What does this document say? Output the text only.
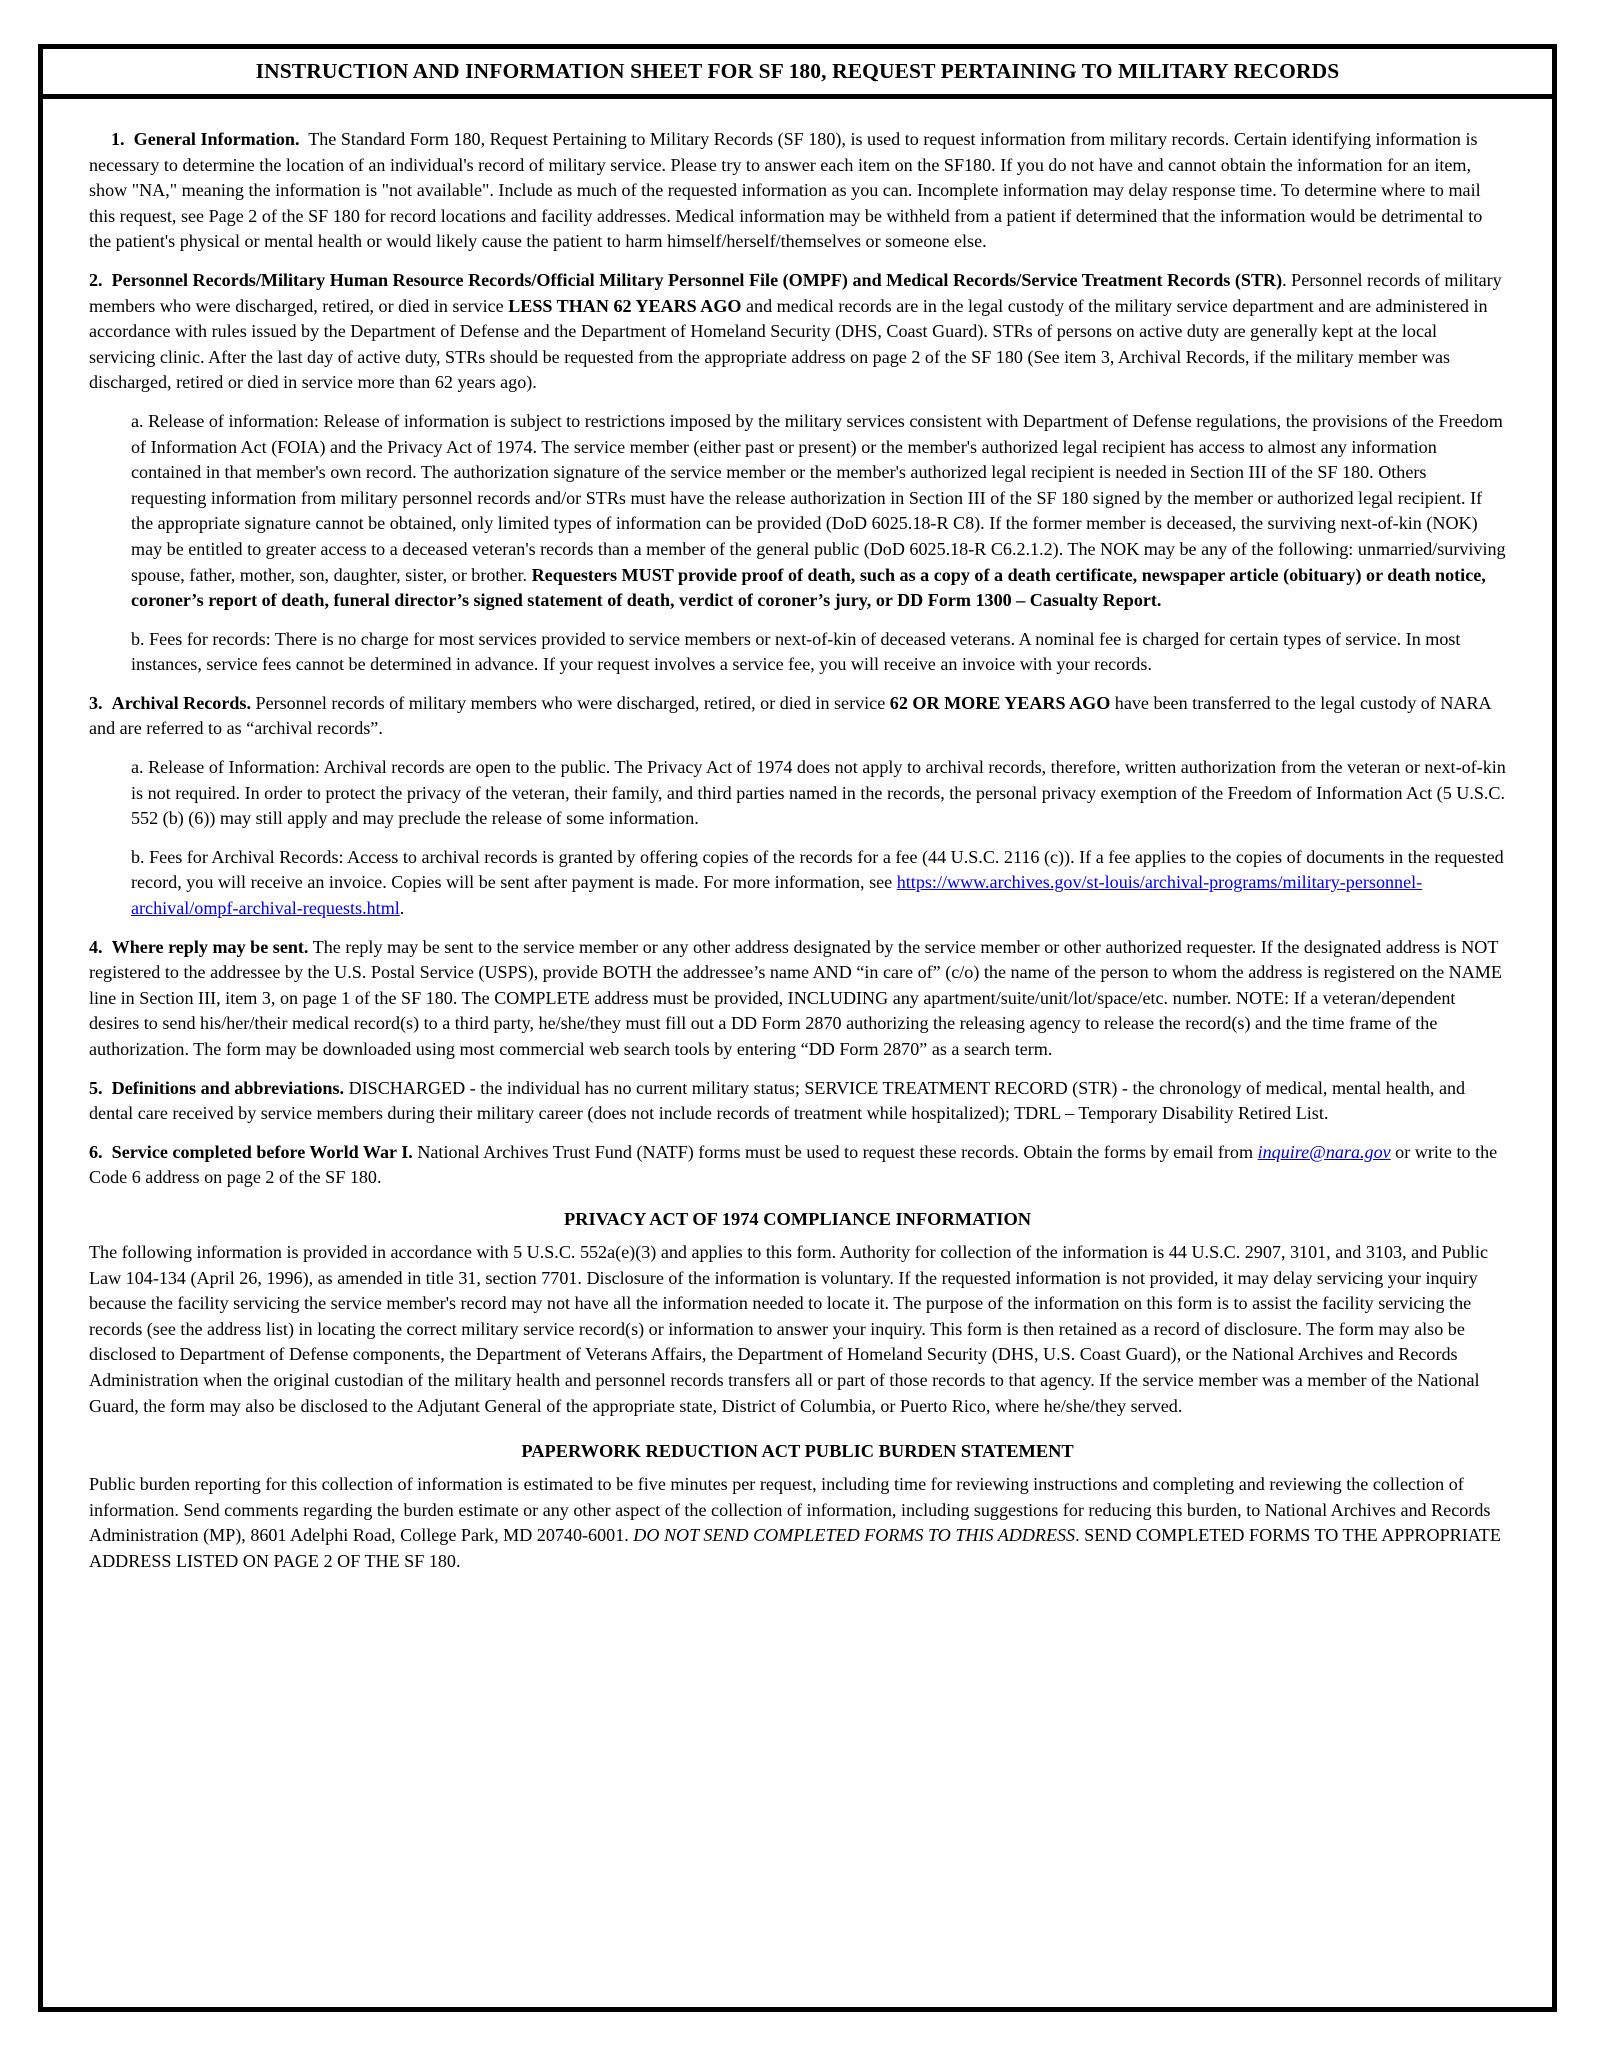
INSTRUCTION AND INFORMATION SHEET FOR SF 180, REQUEST PERTAINING TO MILITARY RECORDS

1. General Information. The Standard Form 180, Request Pertaining to Military Records (SF 180), is used to request information from military records. Certain identifying information is necessary to determine the location of an individual's record of military service. Please try to answer each item on the SF180. If you do not have and cannot obtain the information for an item, show "NA," meaning the information is "not available". Include as much of the requested information as you can. Incomplete information may delay response time. To determine where to mail this request, see Page 2 of the SF 180 for record locations and facility addresses. Medical information may be withheld from a patient if determined that the information would be detrimental to the patient's physical or mental health or would likely cause the patient to harm himself/herself/themselves or someone else.

2. Personnel Records/Military Human Resource Records/Official Military Personnel File (OMPF) and Medical Records/Service Treatment Records (STR). Personnel records of military members who were discharged, retired, or died in service LESS THAN 62 YEARS AGO and medical records are in the legal custody of the military service department and are administered in accordance with rules issued by the Department of Defense and the Department of Homeland Security (DHS, Coast Guard). STRs of persons on active duty are generally kept at the local servicing clinic. After the last day of active duty, STRs should be requested from the appropriate address on page 2 of the SF 180 (See item 3, Archival Records, if the military member was discharged, retired or died in service more than 62 years ago).

a. Release of information: Release of information is subject to restrictions imposed by the military services consistent with Department of Defense regulations, the provisions of the Freedom of Information Act (FOIA) and the Privacy Act of 1974. The service member (either past or present) or the member's authorized legal recipient has access to almost any information contained in that member's own record. The authorization signature of the service member or the member's authorized legal recipient is needed in Section III of the SF 180. Others requesting information from military personnel records and/or STRs must have the release authorization in Section III of the SF 180 signed by the member or authorized legal recipient. If the appropriate signature cannot be obtained, only limited types of information can be provided (DoD 6025.18-R C8). If the former member is deceased, the surviving next-of-kin (NOK) may be entitled to greater access to a deceased veteran's records than a member of the general public (DoD 6025.18-R C6.2.1.2). The NOK may be any of the following: unmarried/surviving spouse, father, mother, son, daughter, sister, or brother. Requesters MUST provide proof of death, such as a copy of a death certificate, newspaper article (obituary) or death notice, coroner’s report of death, funeral director’s signed statement of death, verdict of coroner’s jury, or DD Form 1300 – Casualty Report.

b. Fees for records: There is no charge for most services provided to service members or next-of-kin of deceased veterans. A nominal fee is charged for certain types of service. In most instances, service fees cannot be determined in advance. If your request involves a service fee, you will receive an invoice with your records.

3. Archival Records. Personnel records of military members who were discharged, retired, or died in service 62 OR MORE YEARS AGO have been transferred to the legal custody of NARA and are referred to as “archival records”.

a. Release of Information: Archival records are open to the public. The Privacy Act of 1974 does not apply to archival records, therefore, written authorization from the veteran or next-of-kin is not required. In order to protect the privacy of the veteran, their family, and third parties named in the records, the personal privacy exemption of the Freedom of Information Act (5 U.S.C. 552 (b) (6)) may still apply and may preclude the release of some information.

b. Fees for Archival Records: Access to archival records is granted by offering copies of the records for a fee (44 U.S.C. 2116 (c)). If a fee applies to the copies of documents in the requested record, you will receive an invoice. Copies will be sent after payment is made. For more information, see https://www.archives.gov/st-louis/archival-programs/military-personnel-archival/ompf-archival-requests.html.

4. Where reply may be sent. The reply may be sent to the service member or any other address designated by the service member or other authorized requester. If the designated address is NOT registered to the addressee by the U.S. Postal Service (USPS), provide BOTH the addressee’s name AND “in care of” (c/o) the name of the person to whom the address is registered on the NAME line in Section III, item 3, on page 1 of the SF 180. The COMPLETE address must be provided, INCLUDING any apartment/suite/unit/lot/space/etc. number. NOTE: If a veteran/dependent desires to send his/her/their medical record(s) to a third party, he/she/they must fill out a DD Form 2870 authorizing the releasing agency to release the record(s) and the time frame of the authorization. The form may be downloaded using most commercial web search tools by entering “DD Form 2870” as a search term.

5. Definitions and abbreviations. DISCHARGED - the individual has no current military status; SERVICE TREATMENT RECORD (STR) - the chronology of medical, mental health, and dental care received by service members during their military career (does not include records of treatment while hospitalized); TDRL – Temporary Disability Retired List.

6. Service completed before World War I. National Archives Trust Fund (NATF) forms must be used to request these records. Obtain the forms by email from inquire@nara.gov or write to the Code 6 address on page 2 of the SF 180.

PRIVACY ACT OF 1974 COMPLIANCE INFORMATION

The following information is provided in accordance with 5 U.S.C. 552a(e)(3) and applies to this form. Authority for collection of the information is 44 U.S.C. 2907, 3101, and 3103, and Public Law 104-134 (April 26, 1996), as amended in title 31, section 7701. Disclosure of the information is voluntary. If the requested information is not provided, it may delay servicing your inquiry because the facility servicing the service member's record may not have all the information needed to locate it. The purpose of the information on this form is to assist the facility servicing the records (see the address list) in locating the correct military service record(s) or information to answer your inquiry. This form is then retained as a record of disclosure. The form may also be disclosed to Department of Defense components, the Department of Veterans Affairs, the Department of Homeland Security (DHS, U.S. Coast Guard), or the National Archives and Records Administration when the original custodian of the military health and personnel records transfers all or part of those records to that agency. If the service member was a member of the National Guard, the form may also be disclosed to the Adjutant General of the appropriate state, District of Columbia, or Puerto Rico, where he/she/they served.

PAPERWORK REDUCTION ACT PUBLIC BURDEN STATEMENT

Public burden reporting for this collection of information is estimated to be five minutes per request, including time for reviewing instructions and completing and reviewing the collection of information. Send comments regarding the burden estimate or any other aspect of the collection of information, including suggestions for reducing this burden, to National Archives and Records Administration (MP), 8601 Adelphi Road, College Park, MD 20740-6001. DO NOT SEND COMPLETED FORMS TO THIS ADDRESS. SEND COMPLETED FORMS TO THE APPROPRIATE ADDRESS LISTED ON PAGE 2 OF THE SF 180.
